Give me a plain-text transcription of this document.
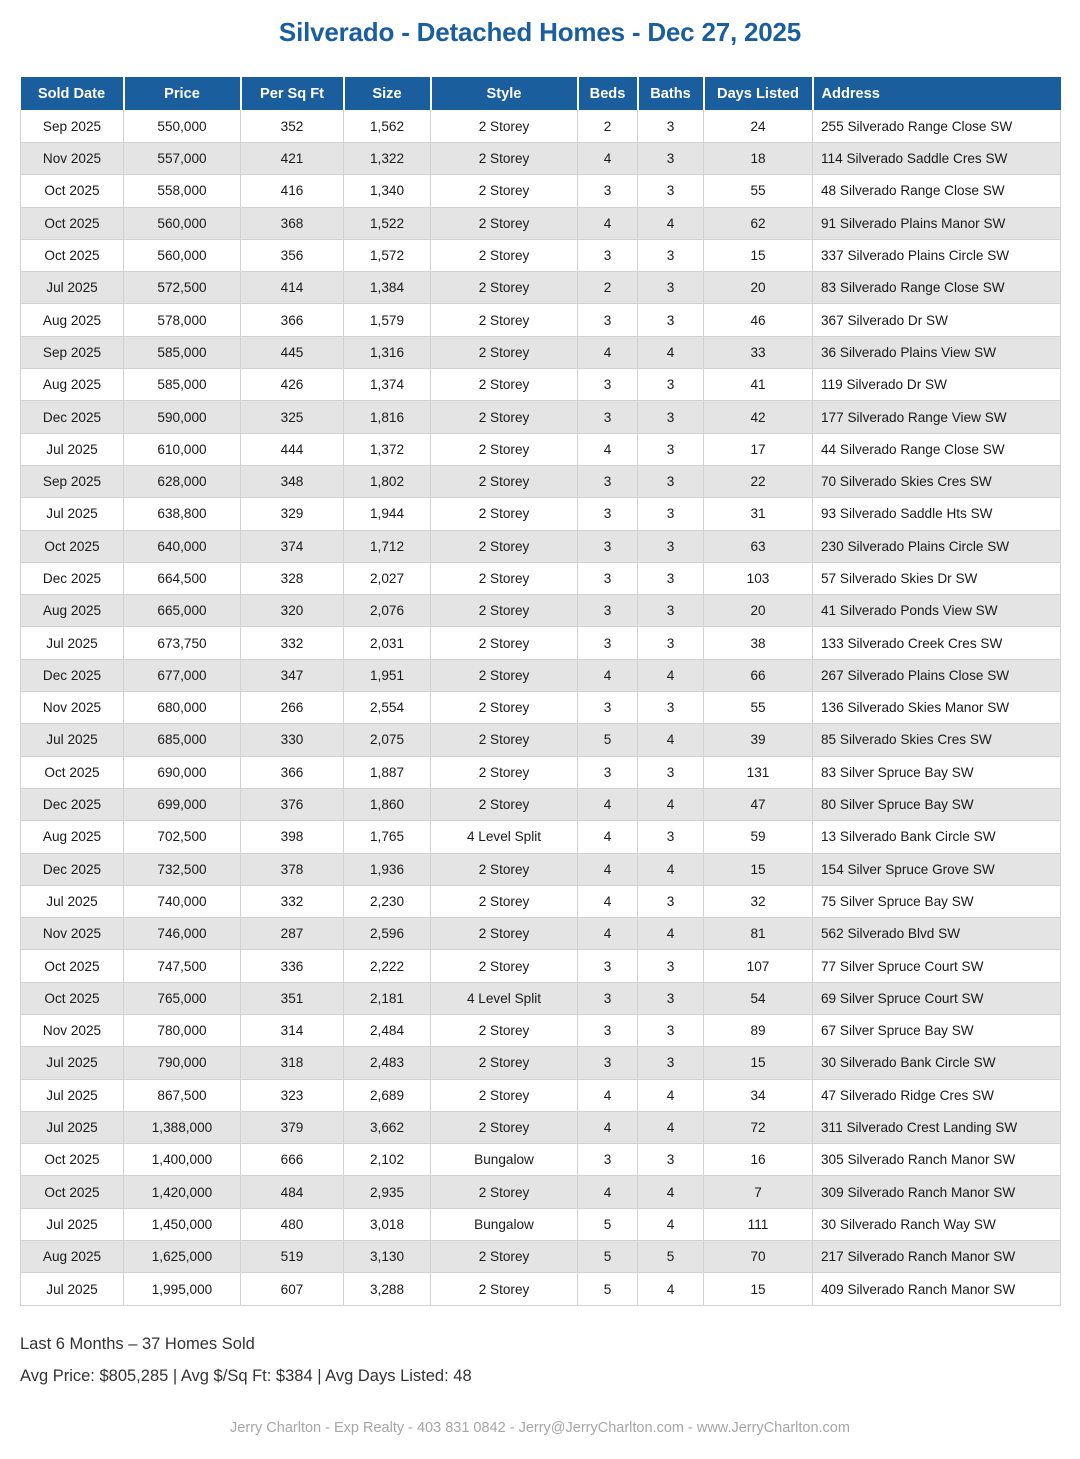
Silverado - Detached Homes - Dec 27, 2025
Sold Date	Price	Per Sq Ft	Size	Style	Beds	Baths	Days Listed	Address
Sep 2025	550,000	352	1,562	2 Storey	2	3	24	255 Silverado Range Close SW
Nov 2025	557,000	421	1,322	2 Storey	4	3	18	114 Silverado Saddle Cres SW
Oct 2025	558,000	416	1,340	2 Storey	3	3	55	48 Silverado Range Close SW
Oct 2025	560,000	368	1,522	2 Storey	4	4	62	91 Silverado Plains Manor SW
Oct 2025	560,000	356	1,572	2 Storey	3	3	15	337 Silverado Plains Circle SW
Jul 2025	572,500	414	1,384	2 Storey	2	3	20	83 Silverado Range Close SW
Aug 2025	578,000	366	1,579	2 Storey	3	3	46	367 Silverado Dr SW
Sep 2025	585,000	445	1,316	2 Storey	4	4	33	36 Silverado Plains View SW
Aug 2025	585,000	426	1,374	2 Storey	3	3	41	119 Silverado Dr SW
Dec 2025	590,000	325	1,816	2 Storey	3	3	42	177 Silverado Range View SW
Jul 2025	610,000	444	1,372	2 Storey	4	3	17	44 Silverado Range Close SW
Sep 2025	628,000	348	1,802	2 Storey	3	3	22	70 Silverado Skies Cres SW
Jul 2025	638,800	329	1,944	2 Storey	3	3	31	93 Silverado Saddle Hts SW
Oct 2025	640,000	374	1,712	2 Storey	3	3	63	230 Silverado Plains Circle SW
Dec 2025	664,500	328	2,027	2 Storey	3	3	103	57 Silverado Skies Dr SW
Aug 2025	665,000	320	2,076	2 Storey	3	3	20	41 Silverado Ponds View SW
Jul 2025	673,750	332	2,031	2 Storey	3	3	38	133 Silverado Creek Cres SW
Dec 2025	677,000	347	1,951	2 Storey	4	4	66	267 Silverado Plains Close SW
Nov 2025	680,000	266	2,554	2 Storey	3	3	55	136 Silverado Skies Manor SW
Jul 2025	685,000	330	2,075	2 Storey	5	4	39	85 Silverado Skies Cres SW
Oct 2025	690,000	366	1,887	2 Storey	3	3	131	83 Silver Spruce Bay SW
Dec 2025	699,000	376	1,860	2 Storey	4	4	47	80 Silver Spruce Bay SW
Aug 2025	702,500	398	1,765	4 Level Split	4	3	59	13 Silverado Bank Circle SW
Dec 2025	732,500	378	1,936	2 Storey	4	4	15	154 Silver Spruce Grove SW
Jul 2025	740,000	332	2,230	2 Storey	4	3	32	75 Silver Spruce Bay SW
Nov 2025	746,000	287	2,596	2 Storey	4	4	81	562 Silverado Blvd SW
Oct 2025	747,500	336	2,222	2 Storey	3	3	107	77 Silver Spruce Court SW
Oct 2025	765,000	351	2,181	4 Level Split	3	3	54	69 Silver Spruce Court SW
Nov 2025	780,000	314	2,484	2 Storey	3	3	89	67 Silver Spruce Bay SW
Jul 2025	790,000	318	2,483	2 Storey	3	3	15	30 Silverado Bank Circle SW
Jul 2025	867,500	323	2,689	2 Storey	4	4	34	47 Silverado Ridge Cres SW
Jul 2025	1,388,000	379	3,662	2 Storey	4	4	72	311 Silverado Crest Landing SW
Oct 2025	1,400,000	666	2,102	Bungalow	3	3	16	305 Silverado Ranch Manor SW
Oct 2025	1,420,000	484	2,935	2 Storey	4	4	7	309 Silverado Ranch Manor SW
Jul 2025	1,450,000	480	3,018	Bungalow	5	4	111	30 Silverado Ranch Way SW
Aug 2025	1,625,000	519	3,130	2 Storey	5	5	70	217 Silverado Ranch Manor SW
Jul 2025	1,995,000	607	3,288	2 Storey	5	4	15	409 Silverado Ranch Manor SW
Last 6 Months – 37 Homes Sold
Avg Price: $805,285 | Avg $/Sq Ft: $384 | Avg Days Listed: 48
Jerry Charlton - Exp Realty - 403 831 0842 - Jerry@JerryCharlton.com - www.JerryCharlton.com
